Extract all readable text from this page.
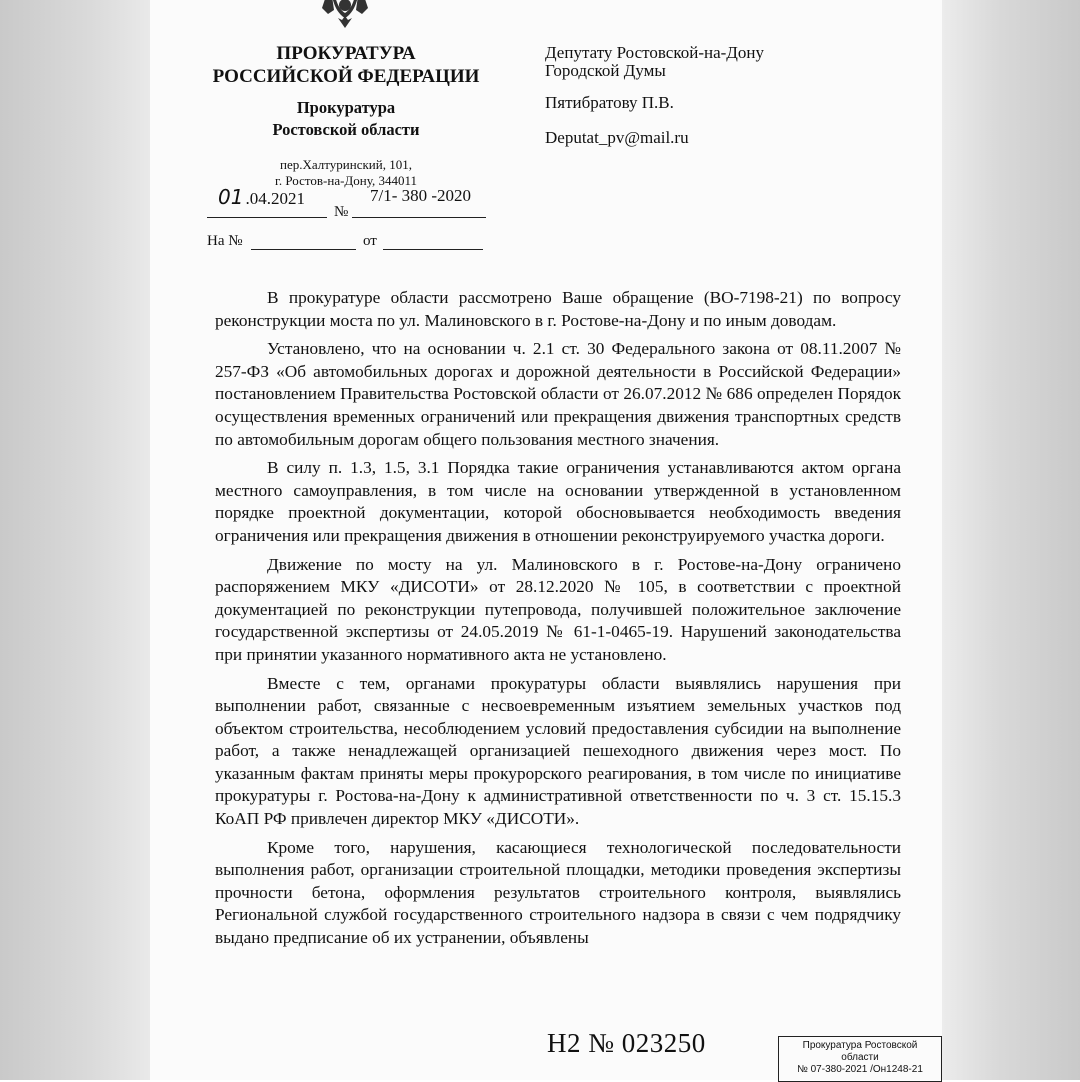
ПРОКУРАТУРА
РОССИЙСКОЙ ФЕДЕРАЦИИ
Прокуратура
Ростовской области
пер.Халтуринский, 101,
г. Ростов-на-Дону, 344011
01 .04.2021
№
7/1- 380 -2020
На №	от
Депутату Ростовской-на-Дону
Городской Думы
Пятибратову П.В.
Deputat_pv@mail.ru

В прокуратуре области рассмотрено Ваше обращение (ВО-7198-21) по вопросу реконструкции моста по ул. Малиновского в г. Ростове-на-Дону и по иным доводам.

Установлено, что на основании ч. 2.1 ст. 30 Федерального закона от 08.11.2007 № 257-ФЗ «Об автомобильных дорогах и дорожной деятельности в Российской Федерации» постановлением Правительства Ростовской области от 26.07.2012 № 686 определен Порядок осуществления временных ограничений или прекращения движения транспортных средств по автомобильным дорогам общего пользования местного значения.

В силу п. 1.3, 1.5, 3.1 Порядка такие ограничения устанавливаются актом органа местного самоуправления, в том числе на основании утвержденной в установленном порядке проектной документации, которой обосновывается необходимость введения ограничения или прекращения движения в отношении реконструируемого участка дороги.

Движение по мосту на ул. Малиновского в г. Ростове-на-Дону ограничено распоряжением МКУ «ДИСОТИ» от 28.12.2020 № 105, в соответствии с проектной документацией по реконструкции путепровода, получившей положительное заключение государственной экспертизы от 24.05.2019 № 61-1-0465-19. Нарушений законодательства при принятии указанного нормативного акта не установлено.

Вместе с тем, органами прокуратуры области выявлялись нарушения при выполнении работ, связанные с несвоевременным изъятием земельных участков под объектом строительства, несоблюдением условий предоставления субсидии на выполнение работ, а также ненадлежащей организацией пешеходного движения через мост. По указанным фактам приняты меры прокурорского реагирования, в том числе по инициативе прокуратуры г. Ростова-на-Дону к административной ответственности по ч. 3 ст. 15.15.3 КоАП РФ привлечен директор МКУ «ДИСОТИ».

Кроме того, нарушения, касающиеся технологической последовательности выполнения работ, организации строительной площадки, методики проведения экспертизы прочности бетона, оформления результатов строительного контроля, выявлялись Региональной службой государственного строительного надзора в связи с чем подрядчику выдано предписание об их устранении, объявлены

Н2 № 023250	Прокуратура Ростовской
области
№ 07-380-2021 /Он1248-21
